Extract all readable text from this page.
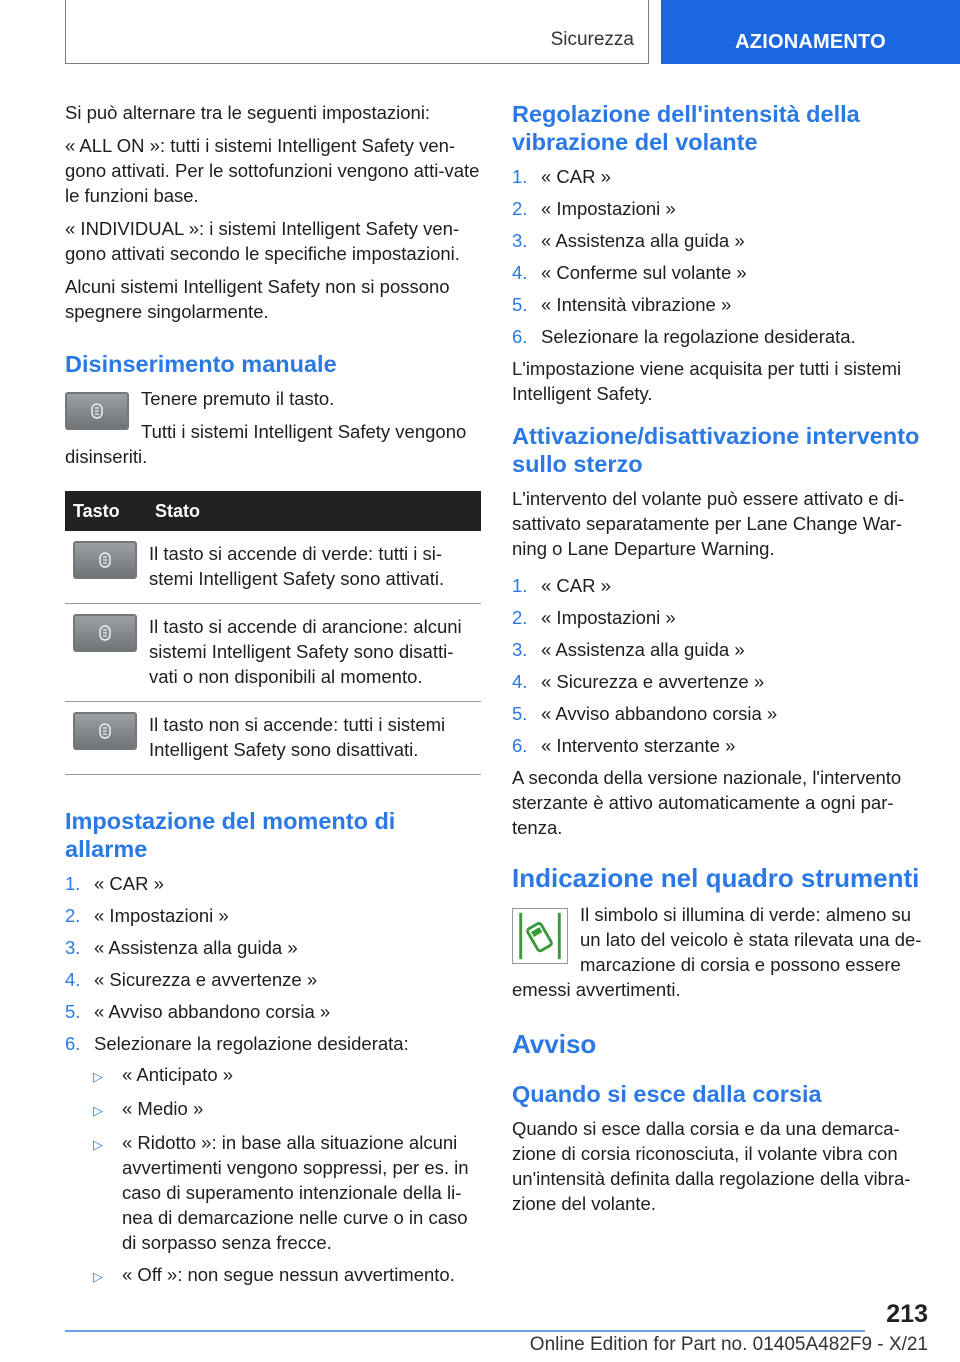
Sicurezza	AZIONAMENTO

Si può alternare tra le seguenti impostazioni:

« ALL ON »: tutti i sistemi Intelligent Safety ven-gono attivati. Per le sottofunzioni vengono atti-vate le funzioni base.

« INDIVIDUAL »: i sistemi Intelligent Safety ven-gono attivati secondo le specifiche impostazioni.

Alcuni sistemi Intelligent Safety non si possono spegnere singolarmente.

Disinserimento manuale

Tenere premuto il tasto.

Tutti i sistemi Intelligent Safety vengono disinseriti.

Tasto	Stato

	Il tasto si accende di verde: tutti i si-stemi Intelligent Safety sono attivati.

	Il tasto si accende di arancione: alcuni sistemi Intelligent Safety sono disatti-vati o non disponibili al momento.

	Il tasto non si accende: tutti i sistemi Intelligent Safety sono disattivati.
Impostazione del momento di allarme
1. « CAR »
2. « Impostazioni »
3. « Assistenza alla guida »
4. « Sicurezza e avvertenze »
5. « Avviso abbandono corsia »
6. Selezionare la regolazione desiderata:
▷	« Anticipato »
▷	« Medio »
▷	« Ridotto »: in base alla situazione alcuni avvertimenti vengono soppressi, per es. in caso di superamento intenzionale della li-nea di demarcazione nelle curve o in caso di sorpasso senza frecce.
▷	« Off »: non segue nessun avvertimento.
Regolazione dell'intensità della vibrazione del volante
1. « CAR »
2. « Impostazioni »
3. « Assistenza alla guida »
4. « Conferme sul volante »
5. « Intensità vibrazione »
6. Selezionare la regolazione desiderata.

L'impostazione viene acquisita per tutti i sistemi Intelligent Safety.

Attivazione/disattivazione intervento sullo sterzo

L'intervento del volante può essere attivato e di-sattivato separatamente per Lane Change War-ning o Lane Departure Warning.

1. « CAR »
2. « Impostazioni »
3. « Assistenza alla guida »
4. « Sicurezza e avvertenze »
5. « Avviso abbandono corsia »
6. « Intervento sterzante »

A seconda della versione nazionale, l'intervento sterzante è attivo automaticamente a ogni par-tenza.

Indicazione nel quadro strumenti

Il simbolo si illumina di verde: almeno su un lato del veicolo è stata rilevata una de-marcazione di corsia e possono essere emessi avvertimenti.

Avviso
Quando si esce dalla corsia

Quando si esce dalla corsia e da una demarca-zione di corsia riconosciuta, il volante vibra con un'intensità definita dalla regolazione della vibra-zione del volante.

213
Online Edition for Part no. 01405A482F9 - X/21
